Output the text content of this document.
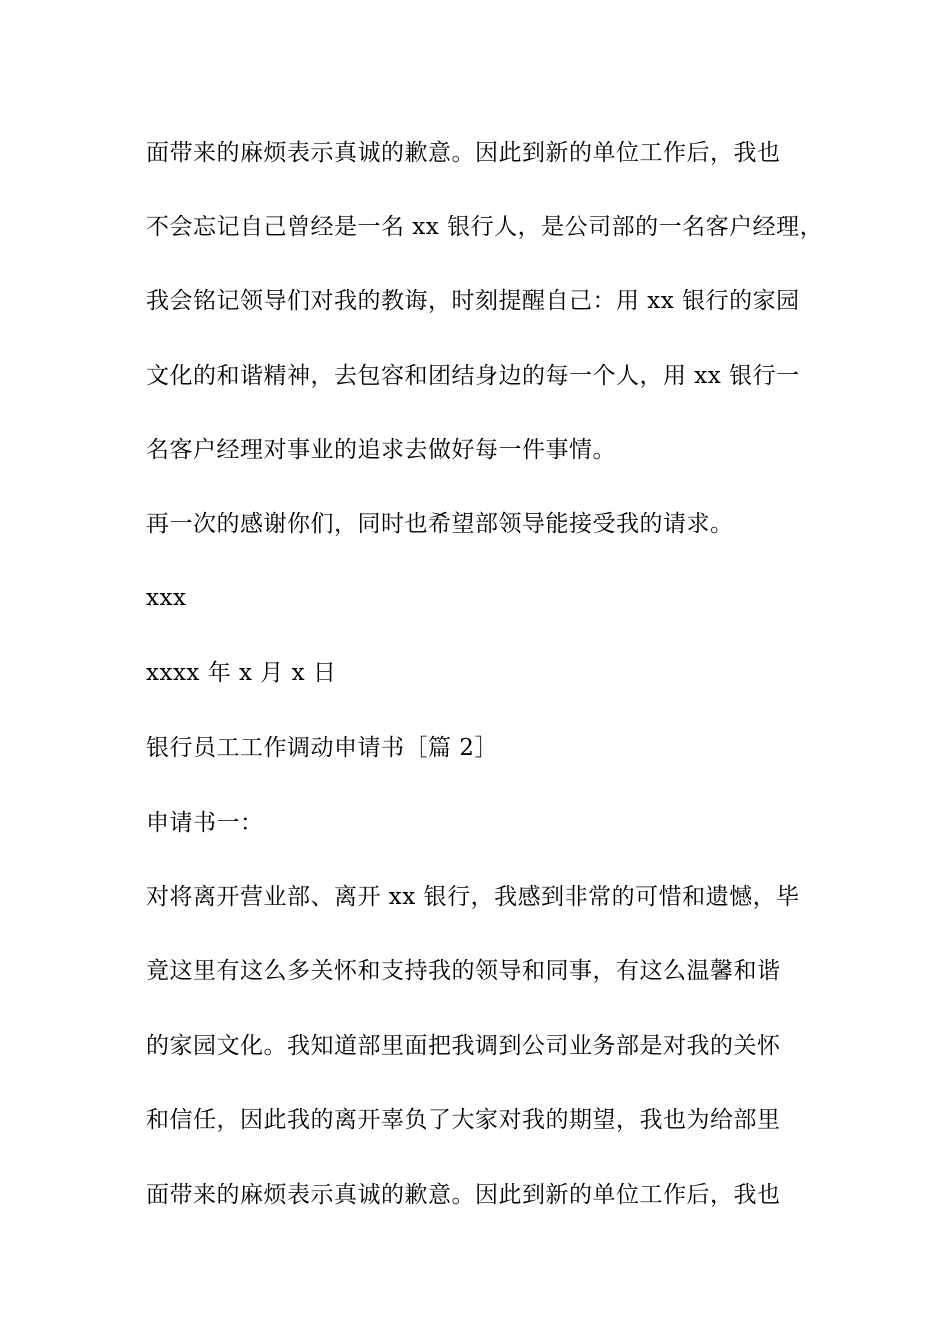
面带来的麻烦表示真诚的歉意。因此到新的单位工作后，我也
不会忘记自己曾经是一名 xx 银行人，是公司部的一名客户经理，
我会铭记领导们对我的教诲，时刻提醒自己：用 xx 银行的家园
文化的和谐精神，去包容和团结身边的每一个人，用 xx 银行一
名客户经理对事业的追求去做好每一件事情。
再一次的感谢你们，同时也希望部领导能接受我的请求。
xxx
xxxx 年 x 月 x 日
银行员工工作调动申请书［篇 2］
申请书一：
对将离开营业部、离开 xx 银行，我感到非常的可惜和遗憾，毕
竟这里有这么多关怀和支持我的领导和同事，有这么温馨和谐
的家园文化。我知道部里面把我调到公司业务部是对我的关怀
和信任，因此我的离开辜负了大家对我的期望，我也为给部里
面带来的麻烦表示真诚的歉意。因此到新的单位工作后，我也
